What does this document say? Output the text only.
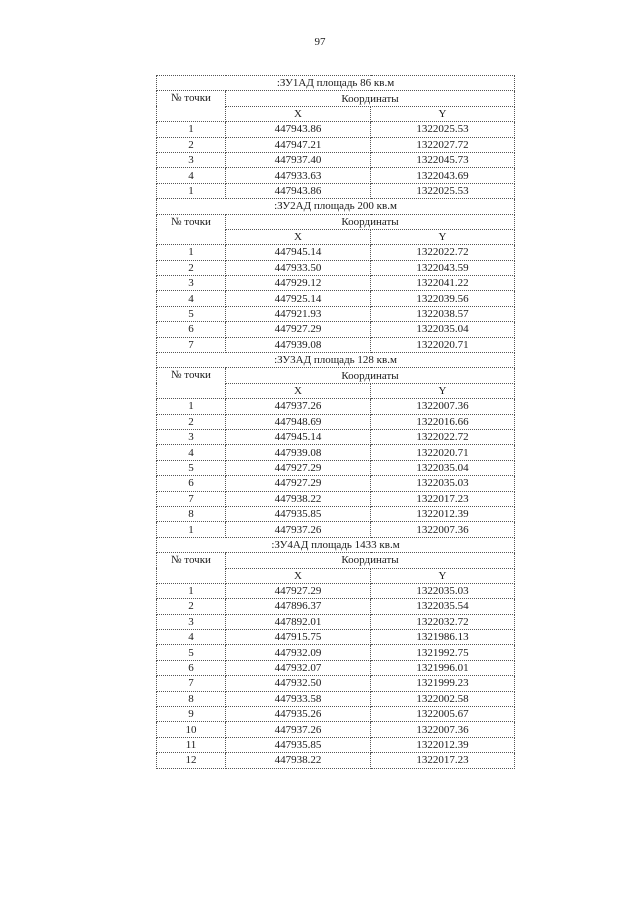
97
:ЗУ1АД площадь 86 кв.м		
№ точки	Координаты	
	X	Y
1	447943.86	1322025.53
2	447947.21	1322027.72
3	447937.40	1322045.73
4	447933.63	1322043.69
1	447943.86	1322025.53
:ЗУ2АД площадь 200 кв.м		
№ точки	Координаты	
	X	Y
1	447945.14	1322022.72
2	447933.50	1322043.59
3	447929.12	1322041.22
4	447925.14	1322039.56
5	447921.93	1322038.57
6	447927.29	1322035.04
7	447939.08	1322020.71
:ЗУ3АД площадь 128 кв.м		
№ точки	Координаты	
	X	Y
1	447937.26	1322007.36
2	447948.69	1322016.66
3	447945.14	1322022.72
4	447939.08	1322020.71
5	447927.29	1322035.04
6	447927.29	1322035.03
7	447938.22	1322017.23
8	447935.85	1322012.39
1	447937.26	1322007.36
:ЗУ4АД площадь 1433 кв.м		
№ точки	Координаты	
	X	Y
1	447927.29	1322035.03
2	447896.37	1322035.54
3	447892.01	1322032.72
4	447915.75	1321986.13
5	447932.09	1321992.75
6	447932.07	1321996.01
7	447932.50	1321999.23
8	447933.58	1322002.58
9	447935.26	1322005.67
10	447937.26	1322007.36
11	447935.85	1322012.39
12	447938.22	1322017.23
